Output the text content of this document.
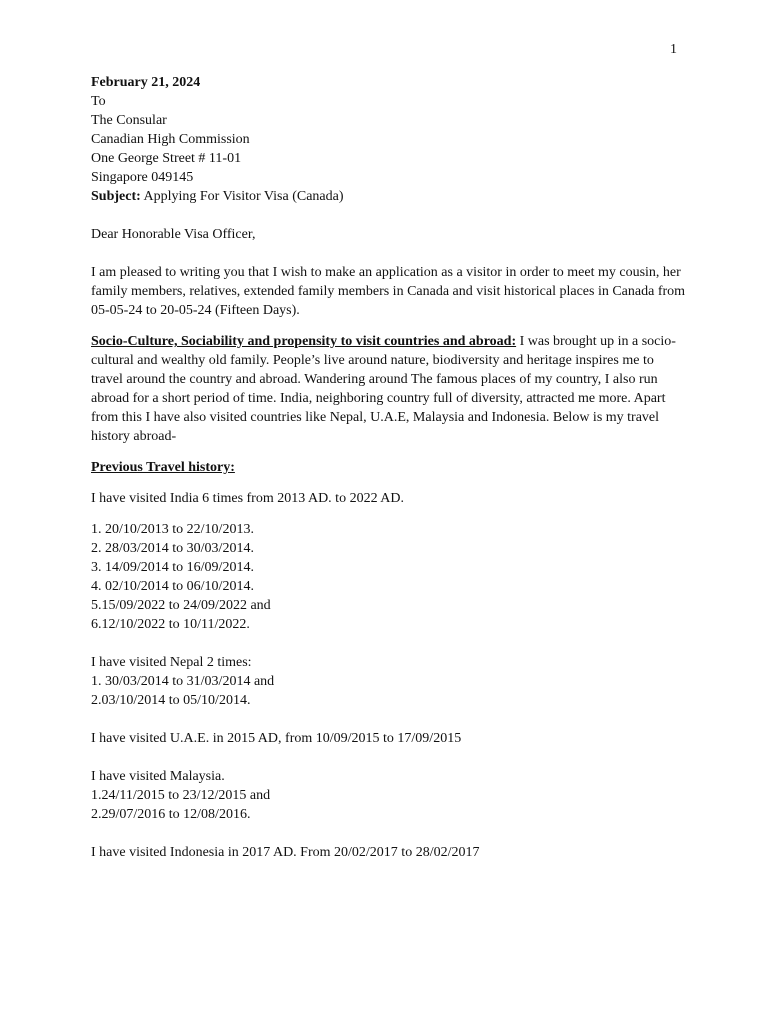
1
February 21, 2024
To
The Consular
Canadian High Commission
One George Street # 11-01
Singapore 049145
Subject: Applying For Visitor Visa (Canada)
Dear Honorable Visa Officer,
I am pleased to writing you that I wish to make an application as a visitor in order to meet my cousin, her
family members, relatives, extended family members in Canada and visit historical places in Canada from
05-05-24 to 20-05-24 (Fifteen Days).
Socio-Culture, Sociability and propensity to visit countries and abroad: I was brought up in a socio-
cultural and wealthy old family. People’s live around nature, biodiversity and heritage inspires me to
travel around the country and abroad. Wandering around The famous places of my country, I also run
abroad for a short period of time. India, neighboring country full of diversity, attracted me more. Apart
from this I have also visited countries like Nepal, U.A.E, Malaysia and Indonesia. Below is my travel
history abroad-
Previous Travel history:
I have visited India 6 times from 2013 AD. to 2022 AD.
1. 20/10/2013 to 22/10/2013.
2. 28/03/2014 to 30/03/2014.
3. 14/09/2014 to 16/09/2014.
4. 02/10/2014 to 06/10/2014.
5.15/09/2022 to 24/09/2022 and
6.12/10/2022 to 10/11/2022.
I have visited Nepal 2 times:
1. 30/03/2014 to 31/03/2014 and
2.03/10/2014 to 05/10/2014.
I have visited U.A.E. in 2015 AD, from 10/09/2015 to 17/09/2015
I have visited Malaysia.
1.24/11/2015 to 23/12/2015 and
2.29/07/2016 to 12/08/2016.
I have visited Indonesia in 2017 AD. From 20/02/2017 to 28/02/2017
